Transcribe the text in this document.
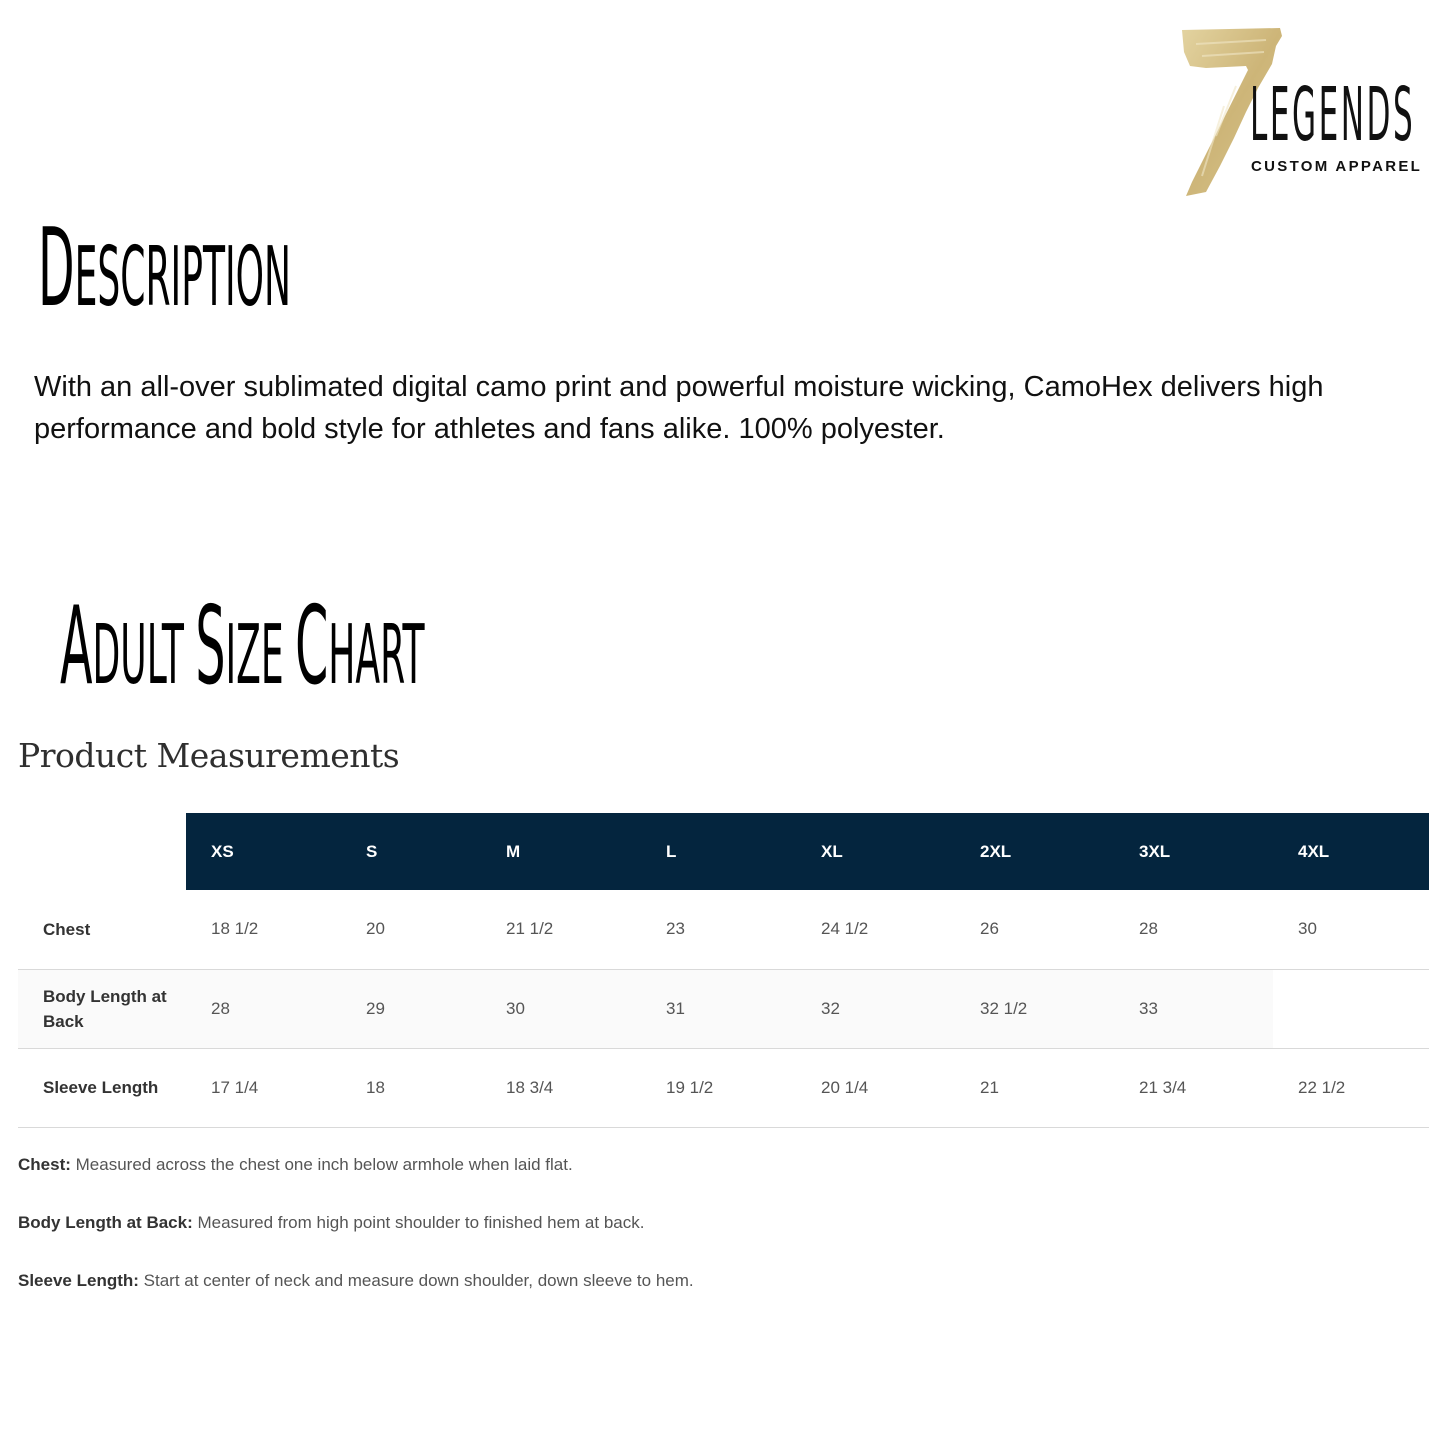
LEGENDS
CUSTOM APPAREL
DESCRIPTION

With an all-over sublimated digital camo print and powerful moisture wicking, CamoHex delivers high performance and bold style for athletes and fans alike. 100% polyester.

ADULT SIZE CHART
Product Measurements
	XS	S	M	L	XL	2XL	3XL	4XL
Chest	18 1/2	20	21 1/2	23	24 1/2	26	28	30
Body Length at Back	28	29	30	31	32	32 1/2	33	
Sleeve Length	17 1/4	18	18 3/4	19 1/2	20 1/4	21	21 3/4	22 1/2
Chest: Measured across the chest one inch below armhole when laid flat.
Body Length at Back: Measured from high point shoulder to finished hem at back.
Sleeve Length: Start at center of neck and measure down shoulder, down sleeve to hem.
